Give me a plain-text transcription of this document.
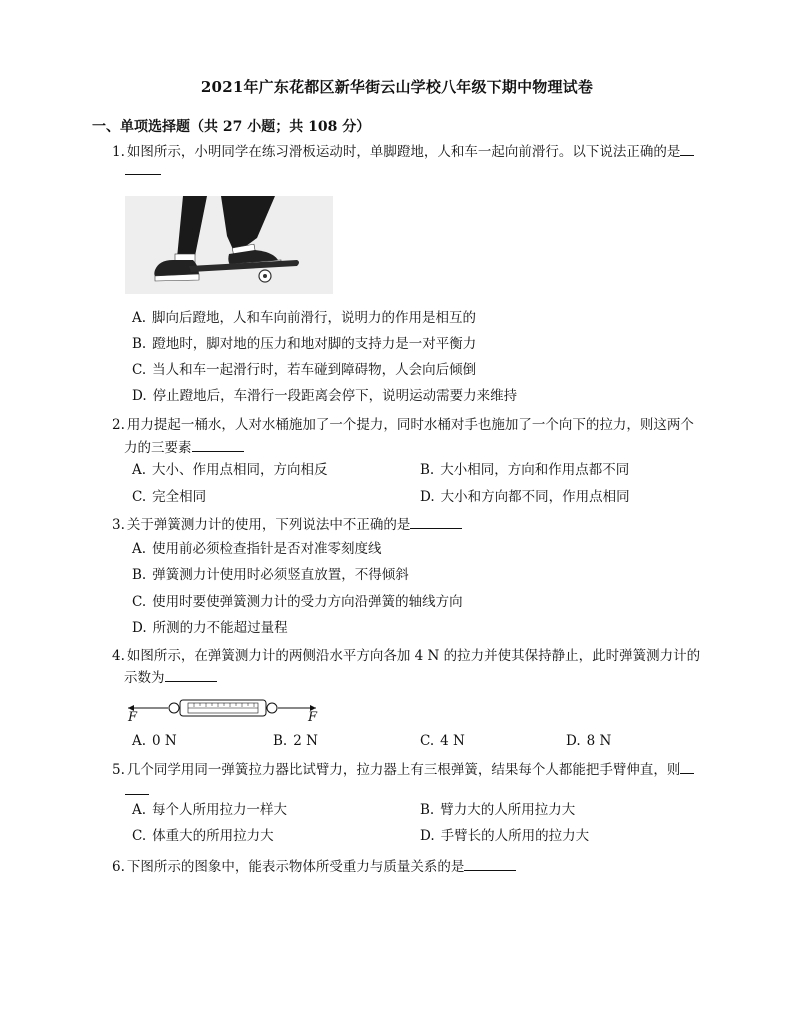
2021年广东花都区新华街云山学校八年级下期中物理试卷
一、单项选择题（共 27 小题；共 108 分）
1. 如图所示，小明同学在练习滑板运动时，单脚蹬地，人和车一起向前滑行。以下说法正确的是
A. 脚向后蹬地，人和车向前滑行，说明力的作用是相互的
B. 蹬地时，脚对地的压力和地对脚的支持力是一对平衡力
C. 当人和车一起滑行时，若车碰到障碍物，人会向后倾倒
D. 停止蹬地后，车滑行一段距离会停下，说明运动需要力来维持
2. 用力提起一桶水，人对水桶施加了一个提力，同时水桶对手也施加了一个向下的拉力，则这两个
力的三要素
A. 大小、作用点相同，方向相反	B. 大小相同，方向和作用点都不同
C. 完全相同	D. 大小和方向都不同，作用点相同
3. 关于弹簧测力计的使用，下列说法中不正确的是
A. 使用前必须检查指针是否对准零刻度线
B. 弹簧测力计使用时必须竖直放置，不得倾斜
C. 使用时要使弹簧测力计的受力方向沿弹簧的轴线方向
D. 所测的力不能超过量程
4. 如图所示，在弹簧测力计的两侧沿水平方向各加 4 N 的拉力并使其保持静止，此时弹簧测力计的
示数为
F	F
A. 0 N	B. 2 N	C. 4 N	D. 8 N
5. 几个同学用同一弹簧拉力器比试臂力，拉力器上有三根弹簧，结果每个人都能把手臂伸直，则
A. 每个人所用拉力一样大	B. 臂力大的人所用拉力大
C. 体重大的所用拉力大	D. 手臂长的人所用的拉力大
6. 下图所示的图象中，能表示物体所受重力与质量关系的是
